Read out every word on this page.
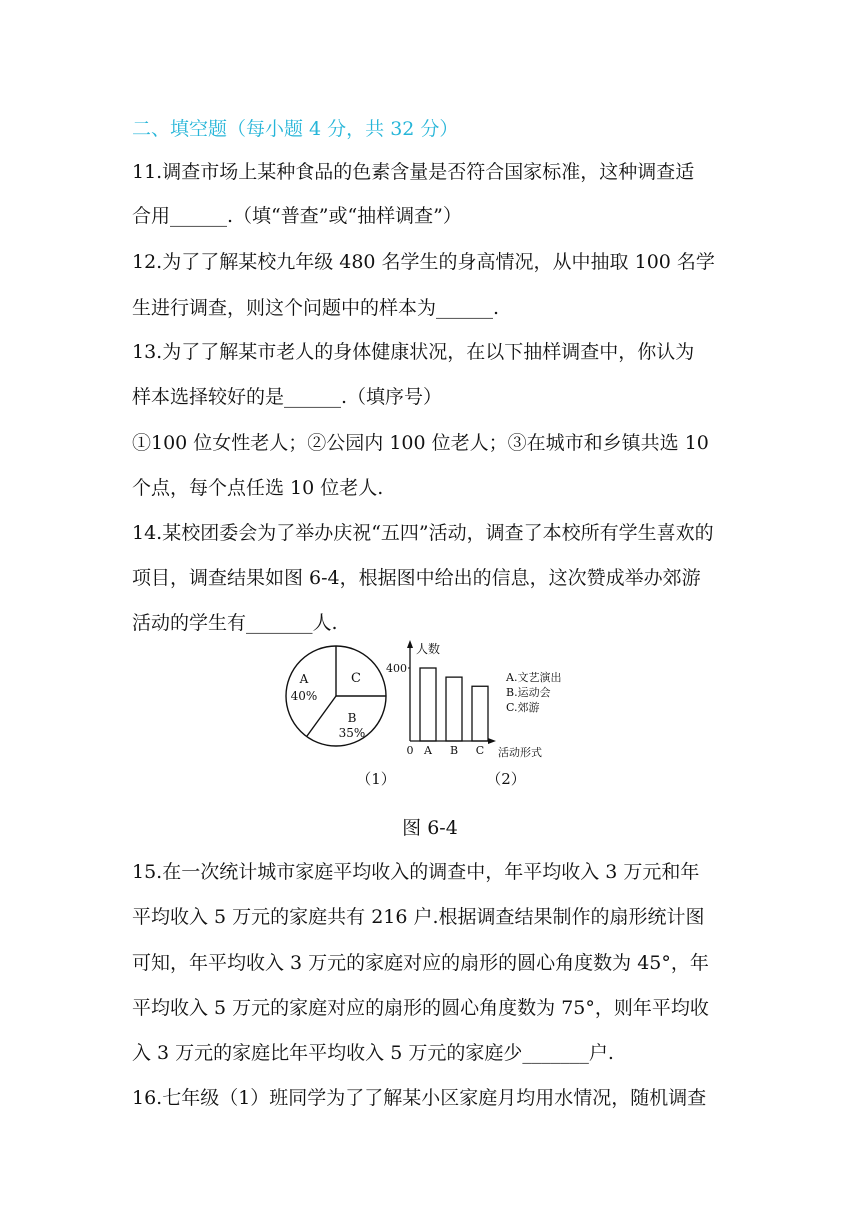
二、填空题（每小题 4 分，共 32 分）
11.调查市场上某种食品的色素含量是否符合国家标准，这种调查适
合用______.（填“普查”或“抽样调查”）
12.为了了解某校九年级 480 名学生的身高情况，从中抽取 100 名学
生进行调查，则这个问题中的样本为______.
13.为了了解某市老人的身体健康状况，在以下抽样调查中，你认为
样本选择较好的是______.（填序号）
①100 位女性老人；②公园内 100 位老人；③在城市和乡镇共选 10
个点，每个点任选 10 位老人.
14.某校团委会为了举办庆祝“五四”活动，调查了本校所有学生喜欢的
项目，调查结果如图 6-4，根据图中给出的信息，这次赞成举办郊游
活动的学生有_______人.
A
40%
B
35%
C
人数
400
0 A B C 活动形式
A.文艺演出
B.运动会
C.郊游
（1）	（2）
图 6-4
15.在一次统计城市家庭平均收入的调查中，年平均收入 3 万元和年
平均收入 5 万元的家庭共有 216 户.根据调查结果制作的扇形统计图
可知，年平均收入 3 万元的家庭对应的扇形的圆心角度数为 45°，年
平均收入 5 万元的家庭对应的扇形的圆心角度数为 75°，则年平均收
入 3 万元的家庭比年平均收入 5 万元的家庭少_______户.
16.七年级（1）班同学为了了解某小区家庭月均用水情况，随机调查
